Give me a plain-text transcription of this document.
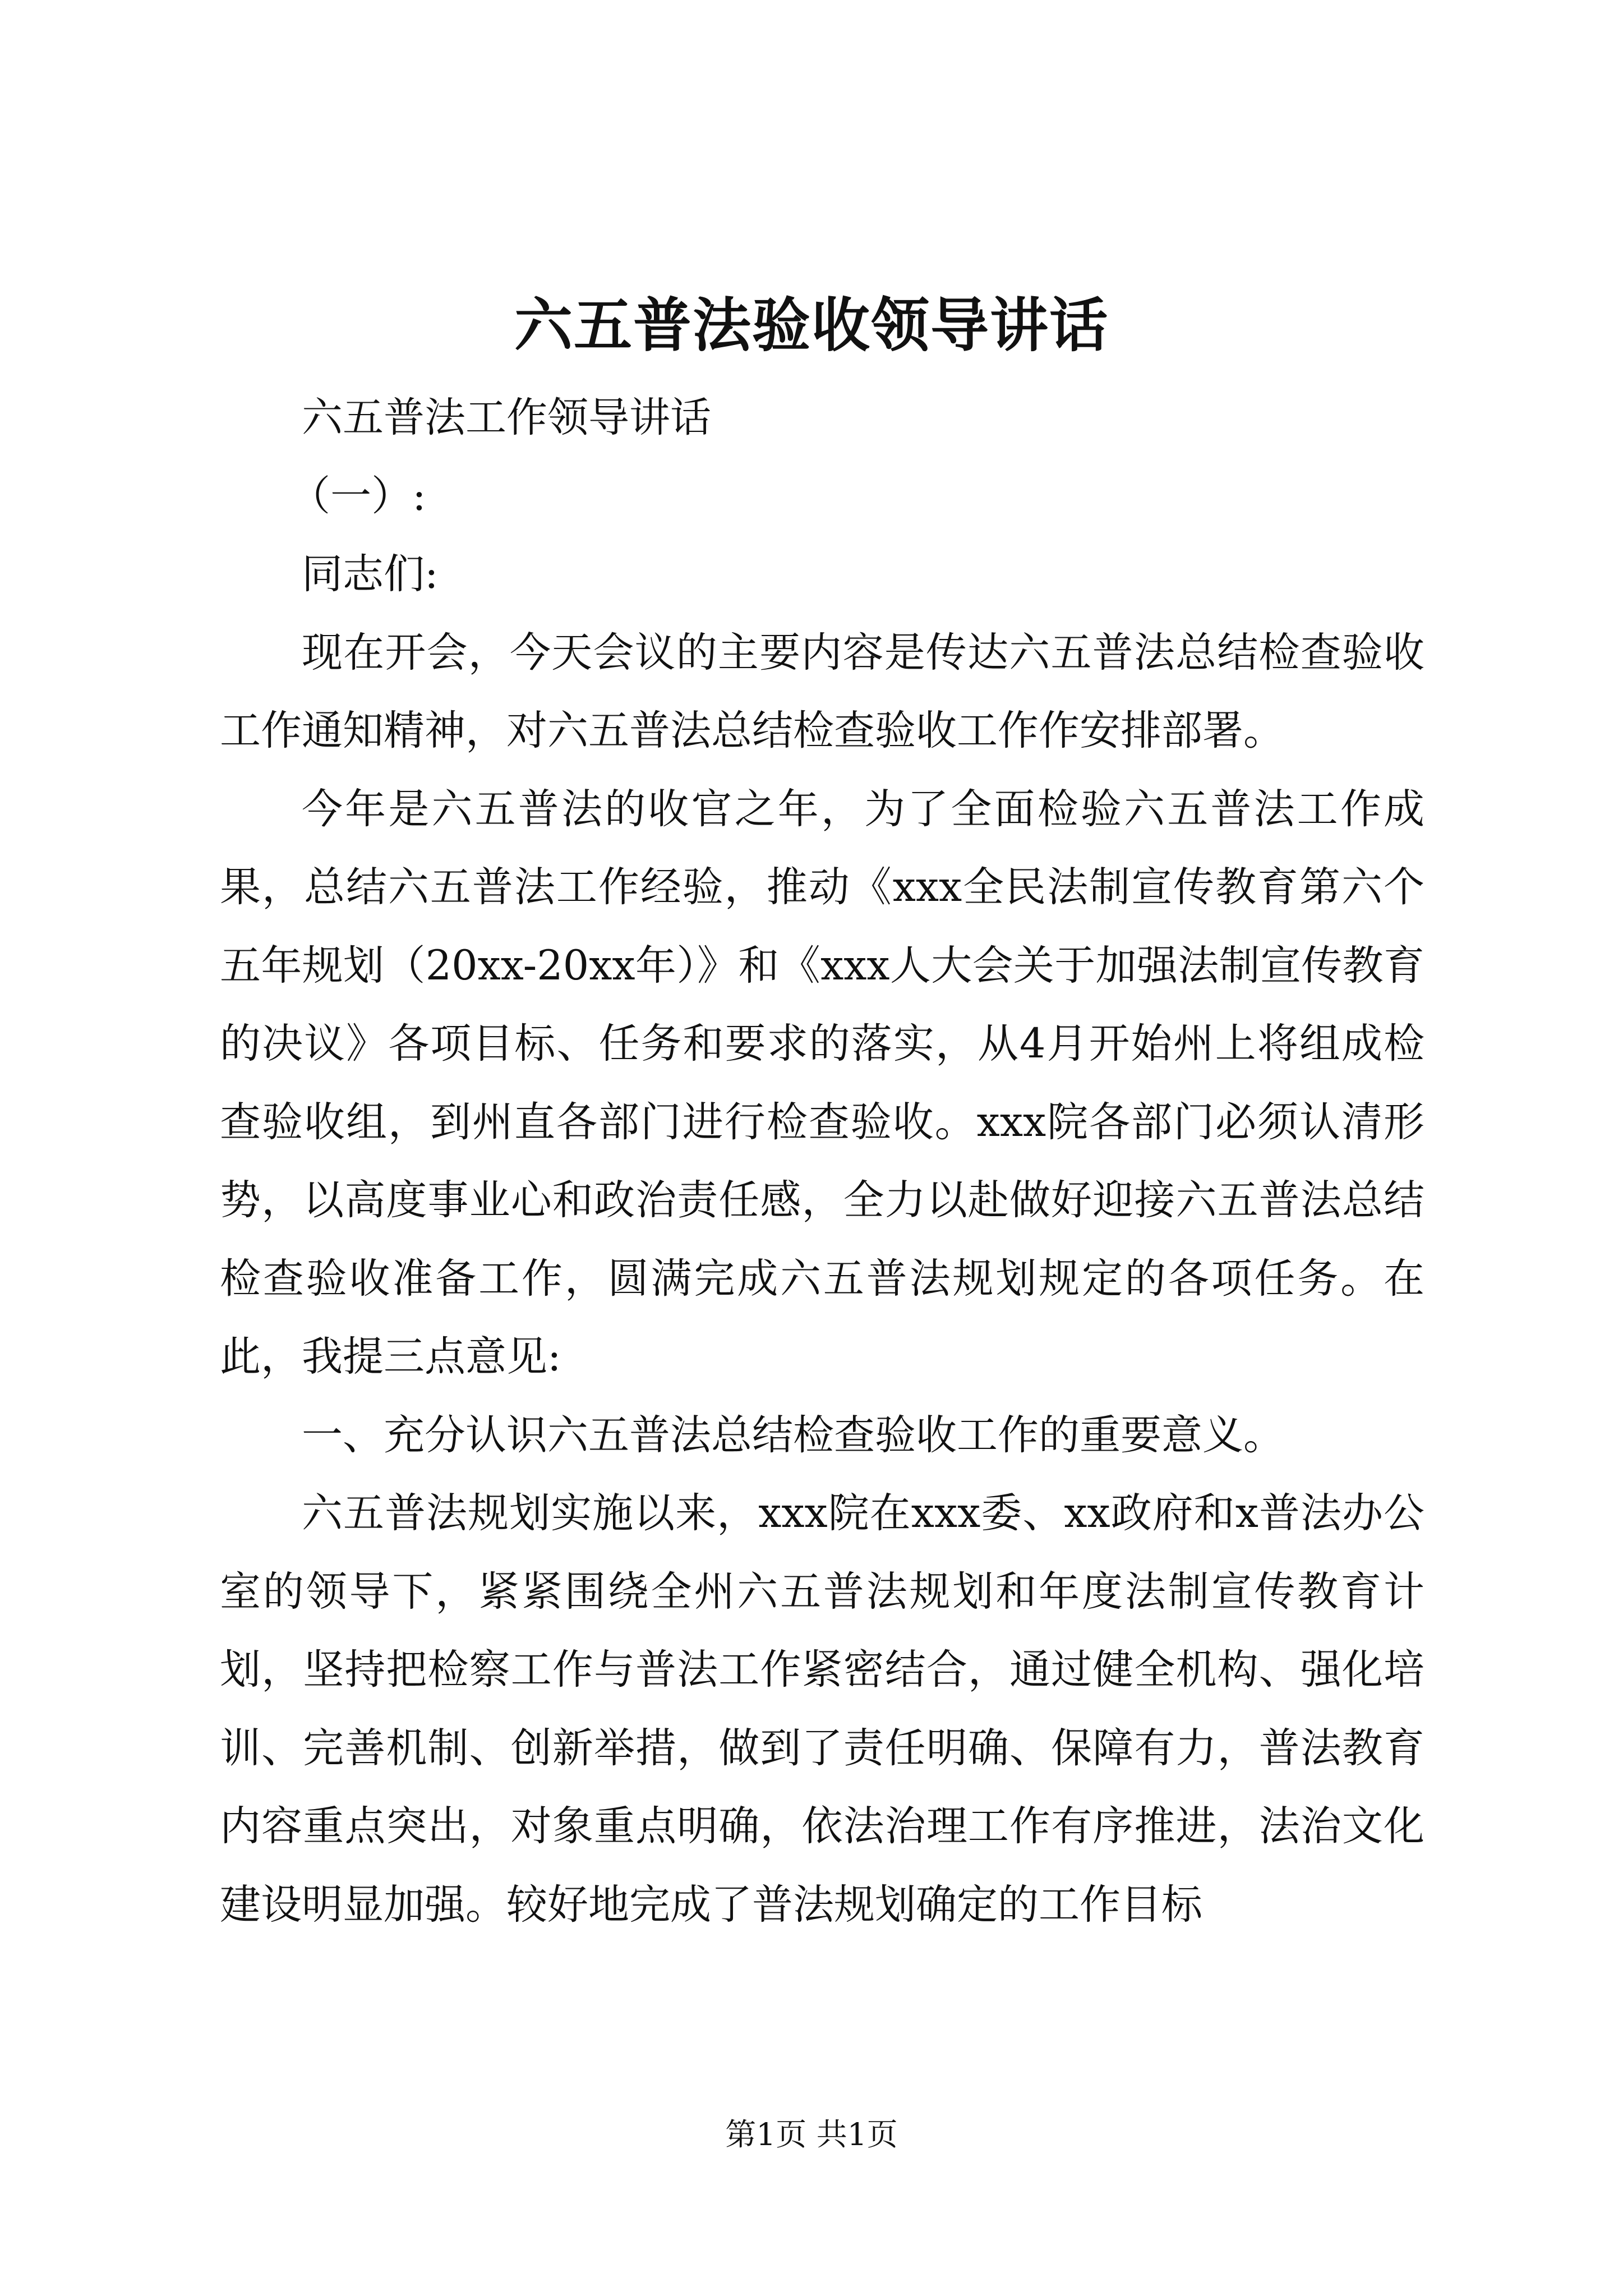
六五普法验收领导讲话

六五普法工作领导讲话

（一）:

同志们:

现在开会，今天会议的主要内容是传达六五普法总结检查验收工作通知精神，对六五普法总结检查验收工作作安排部署。

今年是六五普法的收官之年，为了全面检验六五普法工作成果，总结六五普法工作经验，推动《xxx全民法制宣传教育第六个五年规划（20xx-20xx年）》和《xxx人大会关于加强法制宣传教育的决议》各项目标、任务和要求的落实，从4月开始州上将组成检查验收组，到州直各部门进行检查验收。xxx院各部门必须认清形势，以高度事业心和政治责任感，全力以赴做好迎接六五普法总结检查验收准备工作，圆满完成六五普法规划规定的各项任务。在此，我提三点意见:

一、充分认识六五普法总结检查验收工作的重要意义。

六五普法规划实施以来，xxx院在xxx委、xx政府和x普法办公室的领导下，紧紧围绕全州六五普法规划和年度法制宣传教育计划，坚持把检察工作与普法工作紧密结合，通过健全机构、强化培训、完善机制、创新举措，做到了责任明确、保障有力，普法教育内容重点突出，对象重点明确，依法治理工作有序推进，法治文化建设明显加强。较好地完成了普法规划确定的工作目标

第1页 共1页
